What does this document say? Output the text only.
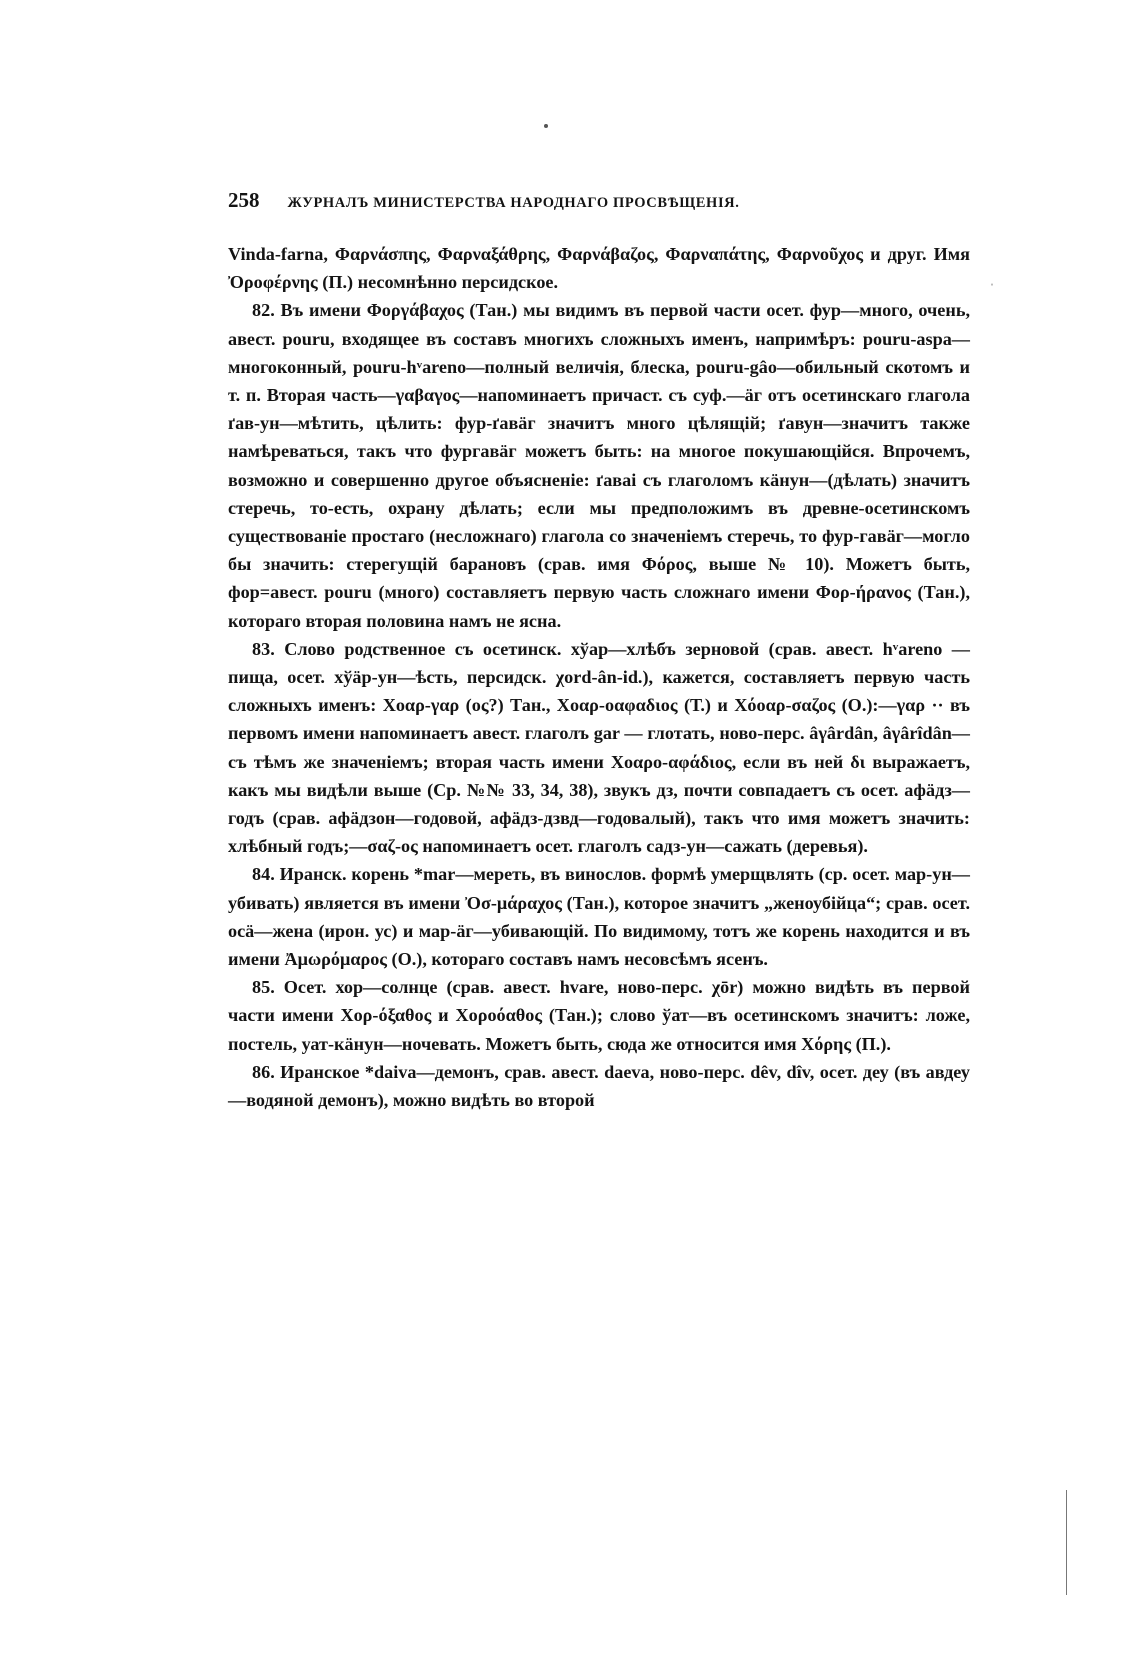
258 ЖУРНАЛЪ МИНИСТЕРСТВА НАРОДНАГО ПРОСВѢЩЕНІЯ.
ˌ

Vinda-farna, Φαρνάσπης, Φαρναξάθρης, Φαρνάβαζος, Φαρναπάτης, Φαρνοῦχος и друг. Имя Ὀροφέρνης (П.) несомнѣнно персидское.

82. Въ имени Φοργάβαχος (Тан.) мы видимъ въ первой части осет. фур—много, очень, авест. pouru, входящее въ составъ многихъ сложныхъ именъ, напримѣръ: pouru-aspa—многоконный, pouru-hᵛareno—полный величія, блеска, pouru-gâo—обильный скотомъ и т. п. Вторая часть—γαβαγος—напоминаетъ причаст. съ суф.—äг отъ осетинскаго глагола ґав-ун—мѣтить, цѣлить: фур-ґавäг значитъ много цѣлящій; ґавун—значитъ также намѣреваться, такъ что фургавäг можетъ быть: на многое покушающійся. Впрочемъ, возможно и совершенно другое объясненіе: ґаваі съ глаголомъ кäнун—(дѣлать) значитъ стеречь, то-есть, охрану дѣлать; если мы предположимъ въ древне-осетинскомъ существованіе простаго (несложнаго) глагола со значеніемъ стеречь, то фур-гавäг—могло бы значить: стерегущій барановъ (срав. имя Φόρος, выше № 10). Можетъ быть, фор=авест. pouru (много) составляетъ первую часть сложнаго имени Φορ-ήρανος (Тан.), котораго вторая половина намъ не ясна.

83. Слово родственное съ осетинск. хўар—хлѣбъ зерновой (срав. авест. hᵛareno — пища, осет. хўäр-ун—ѣсть, персидск. χord-ân-id.), кажется, составляетъ первую часть сложныхъ именъ: Χοαρ-γαρ (ος?) Тан., Χοαρ-οαφαδιος (Т.) и Χόοαρ-σαζος (О.):—γαρ ·· въ первомъ имени напоминаетъ авест. глаголъ gar — глотать, ново-перс. âγârdân, âγârîdân—съ тѣмъ же значеніемъ; вторая часть имени Χοαρο-αφάδιος, если въ ней δι выражаетъ, какъ мы видѣли выше (Ср. №№ 33, 34, 38), звукъ дз, почти совпадаетъ съ осет. афäдз—годъ (срав. афäдзон—годовой, афäдз-дзвд—годовалый), такъ что имя можетъ значить: хлѣбный годъ;—σαζ-ος напоминаетъ осет. глаголъ садз-ун—сажать (деревья).

84. Иранск. корень *mar—мереть, въ винослов. формѣ умерщвлять (ср. осет. мар-ун—убивать) является въ имени Ὀσ-μάραχος (Тан.), которое значитъ „женоубійца“; срав. осет. осä—жена (ирон. ус) и мар-äг—убивающій. По видимому, тотъ же корень находится и въ имени Ἀμωρόμαρος (О.), котораго составъ намъ несовсѣмъ ясенъ.

85. Осет. хор—солнце (срав. авест. hvare, ново-перс. χōr) можно видѣть въ первой части имени Χορ-όξαθος и Χοροόαθος (Тан.); слово ўат—въ осетинскомъ значитъ: ложе, постель, уат-кäнун—ночевать. Можетъ быть, сюда же относится имя Χόρης (П.).

86. Иранское *daiva—демонъ, срав. авест. daeva, ново-перс. dêv, dîv, осет. деу (въ авдеу—водяной демонъ), можно видѣть во второй
